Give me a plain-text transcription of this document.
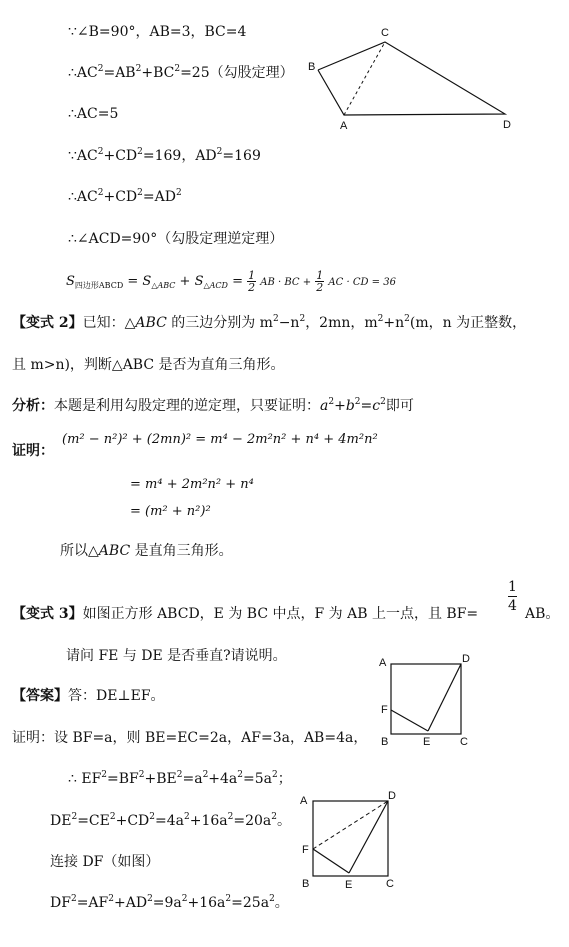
∵∠B=90°，AB=3，BC=4
$\therefore AC^2=AB^2+BC^2=25$（勾股定理）
∴AC=5
$\because AC^2+CD^2=169$，$AD^2=169$
$\therefore AC^2+CD^2=AD^2$
∴∠ACD=90°（勾股定理逆定理）
$S_{四边形ABCD} = S_{\triangle ABC} + S_{\triangle ACD} = \frac{1}{2}$ AB · BC + $\frac{1}{2}$ AC · CD = 36
B
C
A	D
【变式 2】已知：△ABC 的三边分别为 $m^2-n^2$，2mn，$m^2+n^2(m$，n 为正整数，
且 m>n)，判断△ABC 是否为直角三角形。
分析：本题是利用勾股定理的逆定理，只要证明：$a^2+b^2=c^2$即可
证明：
(m² − n²)² + (2mn)² = m⁴ − 2m²n² + n⁴ + 4m²n²
= m⁴ + 2m²n² + n⁴
= (m² + n²)²
所以△ABC 是直角三角形。
【变式 3】如图正方形 ABCD，E 为 BC 中点，F 为 AB 上一点，且 BF=
1
4 AB。
请问 FE 与 DE 是否垂直?请说明。
【答案】答：DE⊥EF。
证明：设 BF=a，则 BE=EC=2a，AF=3a，AB=4a，
∴ $EF^2=BF^2+BE^2=a^2+4a^2=5a^2$；
$DE^2=CE^2+CD^2=4a^2+16a^2=20a^2$。
连接 DF（如图）
$DF^2=AF^2+AD^2=9a^2+16a^2=25a^2$。
A	D
F
B	E	C
A	D
F
B	E	C
